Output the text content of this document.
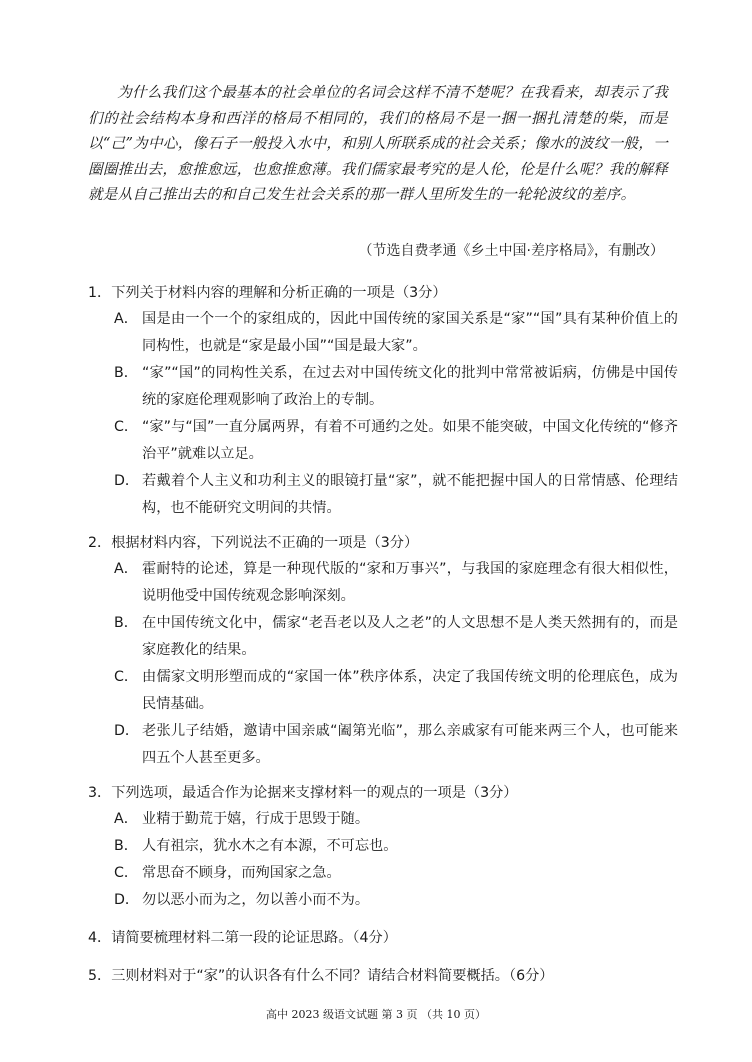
为什么我们这个最基本的社会单位的名词会这样不清不楚呢？在我看来，却表示了我们的社会结构本身和西洋的格局不相同的，我们的格局不是一捆一捆扎清楚的柴，而是以“己”为中心，像石子一般投入水中，和别人所联系成的社会关系；像水的波纹一般，一圈圈推出去，愈推愈远，也愈推愈薄。我们儒家最考究的是人伦，伦是什么呢？我的解释就是从自己推出去的和自己发生社会关系的那一群人里所发生的一轮轮波纹的差序。

（节选自费孝通《乡土中国·差序格局》，有删改）

1．下列关于材料内容的理解和分析正确的一项是（3分）

A． 国是由一个一个的家组成的，因此中国传统的家国关系是“家”“国”具有某种价值上的同构性，也就是“家是最小国”“国是最大家”。
B． “家”“国”的同构性关系，在过去对中国传统文化的批判中常常被诟病，仿佛是中国传统的家庭伦理观影响了政治上的专制。
C． “家”与“国”一直分属两界，有着不可通约之处。如果不能突破，中国文化传统的“修齐治平”就难以立足。
D． 若戴着个人主义和功利主义的眼镜打量“家”，就不能把握中国人的日常情感、伦理结构，也不能研究文明间的共情。

2．根据材料内容，下列说法不正确的一项是（3分）

A． 霍耐特的论述，算是一种现代版的“家和万事兴”，与我国的家庭理念有很大相似性，说明他受中国传统观念影响深刻。
B． 在中国传统文化中，儒家“老吾老以及人之老”的人文思想不是人类天然拥有的，而是家庭教化的结果。
C． 由儒家文明形塑而成的“家国一体”秩序体系，决定了我国传统文明的伦理底色，成为民情基础。
D． 老张儿子结婚，邀请中国亲戚“阖第光临”，那么亲戚家有可能来两三个人，也可能来四五个人甚至更多。

3．下列选项，最适合作为论据来支撑材料一的观点的一项是（3分）

A． 业精于勤荒于嬉，行成于思毁于随。
B． 人有祖宗，犹水木之有本源，不可忘也。
C． 常思奋不顾身，而殉国家之急。
D． 勿以恶小而为之，勿以善小而不为。

4．请简要梳理材料二第一段的论证思路。（4分）

5．三则材料对于“家”的认识各有什么不同？请结合材料简要概括。（6分）

高中 2023 级语文试题 第 3 页 （共 10 页）
